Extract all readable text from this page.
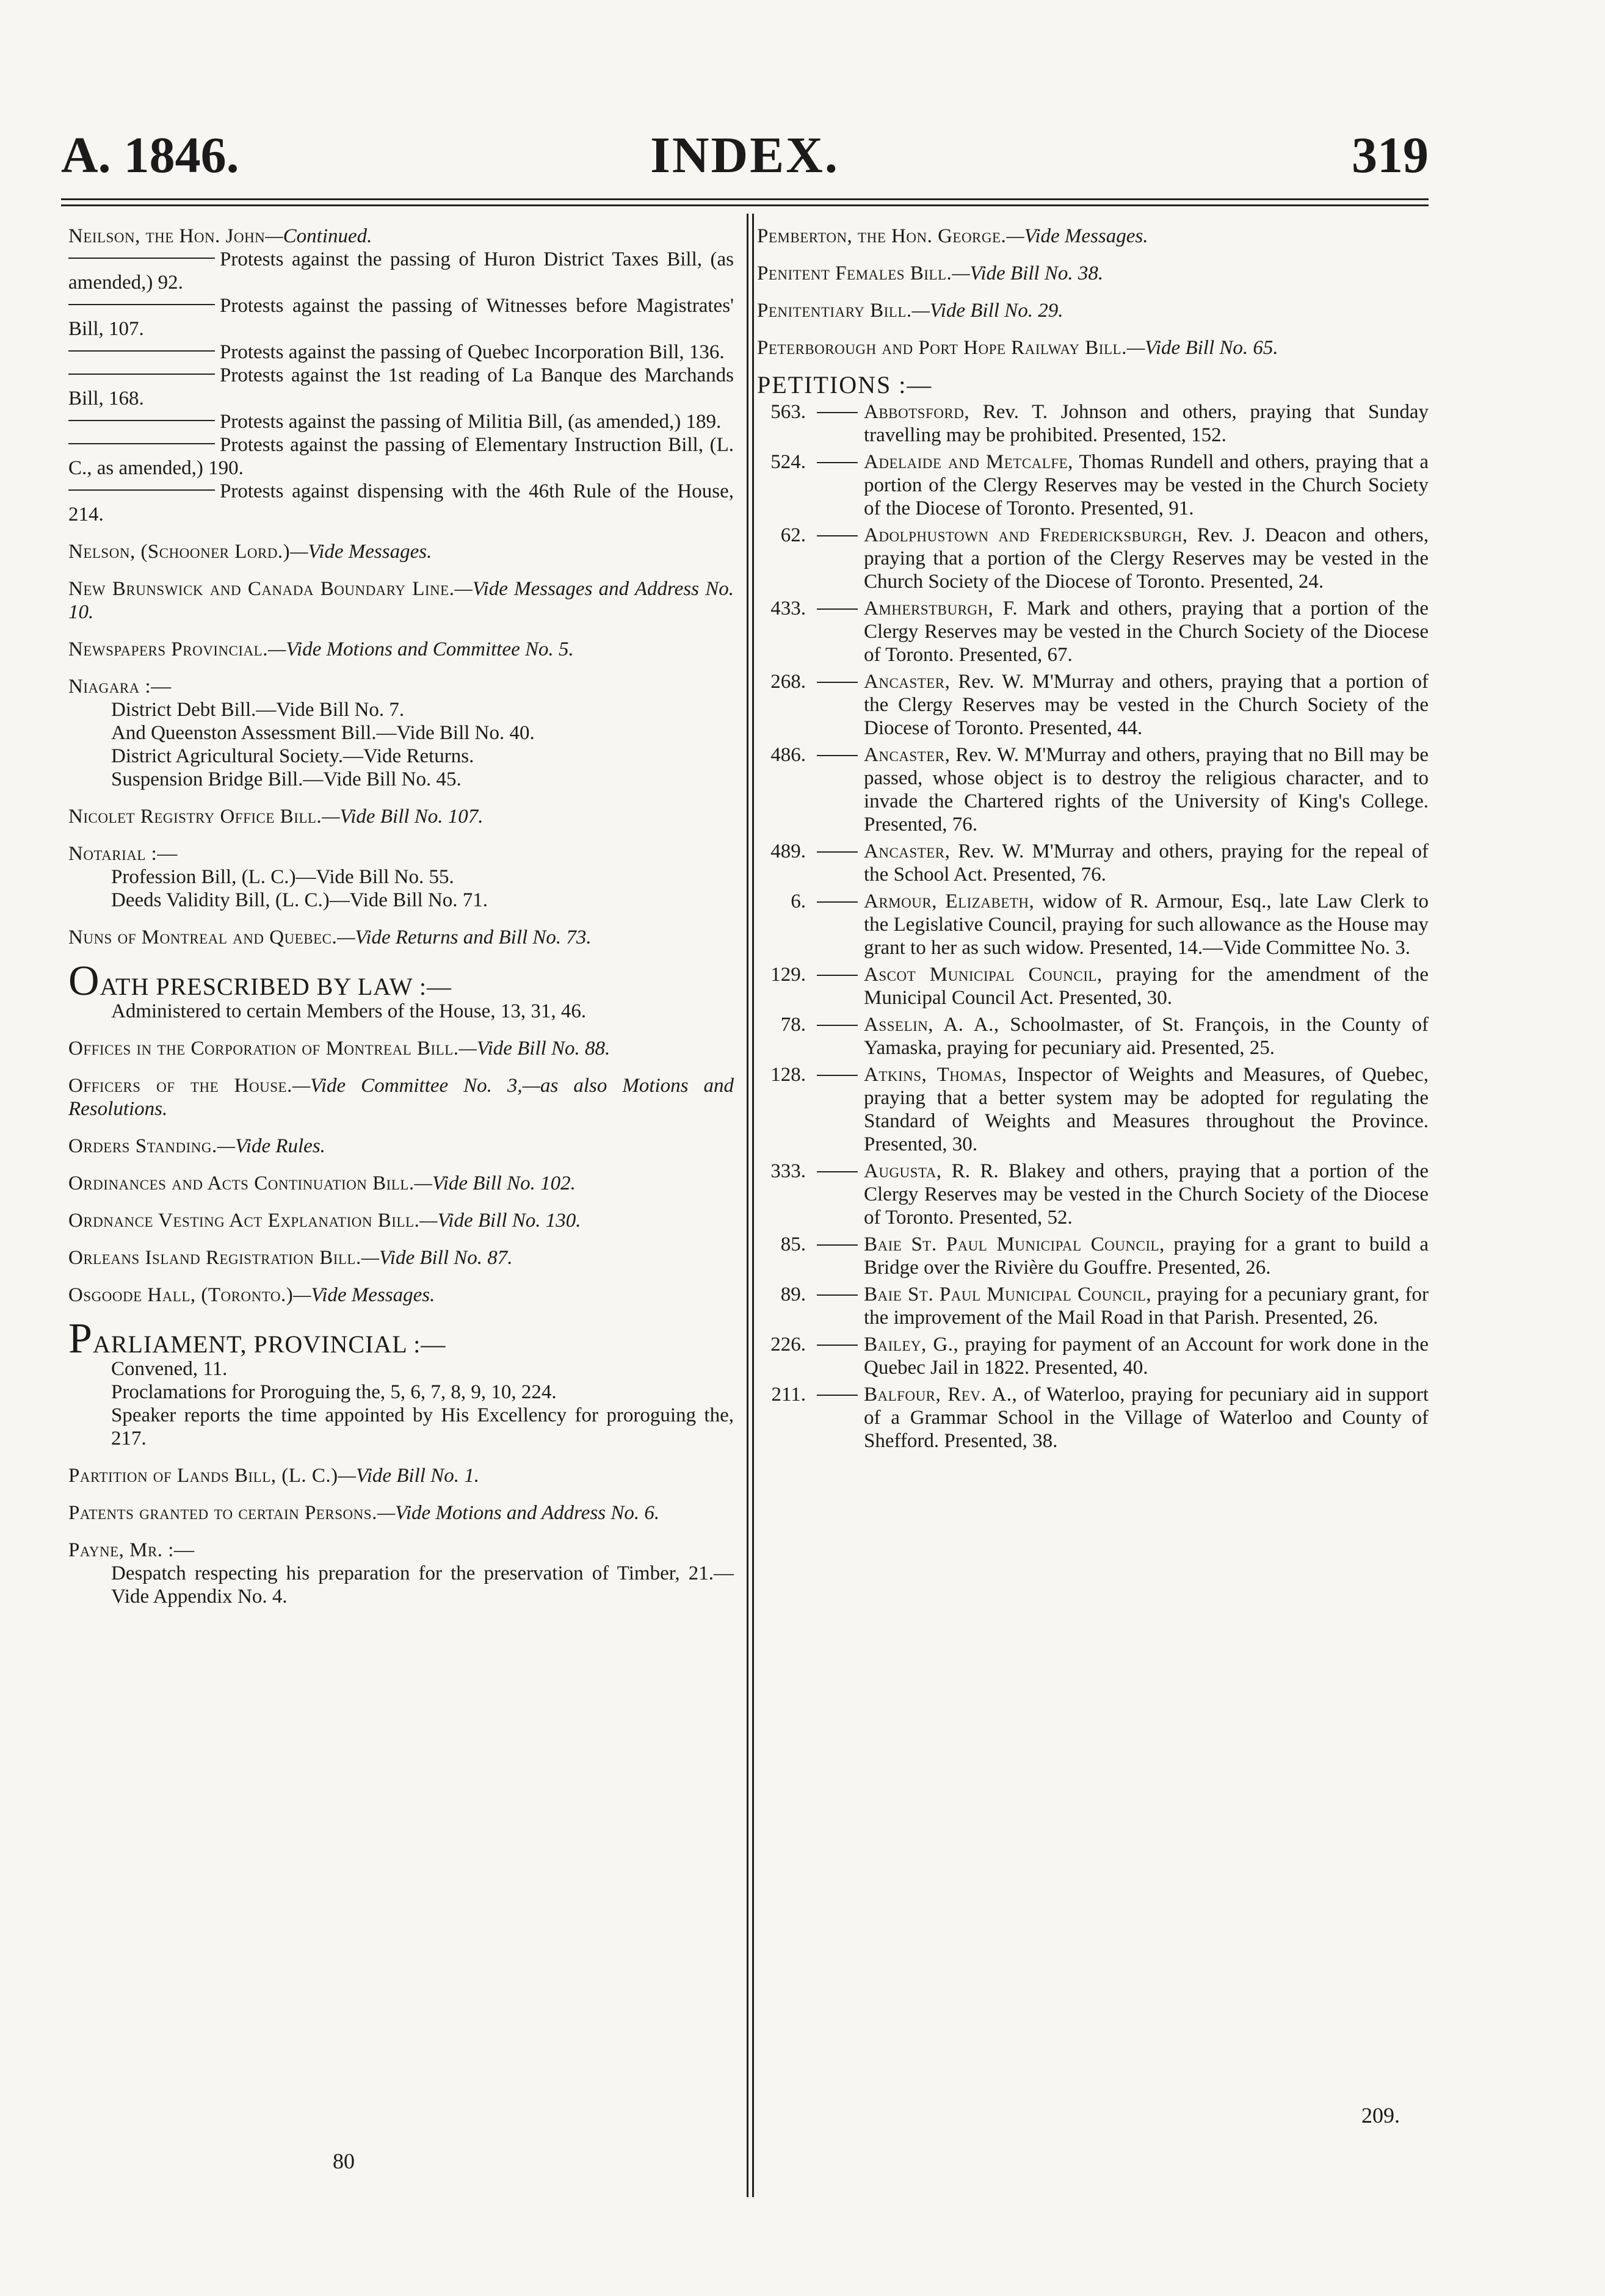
A. 1846.	INDEX.	319
Neilson, the Hon. John—Continued.
Protests against the passing of Huron District Taxes Bill, (as amended,) 92.
Protests against the passing of Witnesses before Magistrates' Bill, 107.
Protests against the passing of Quebec Incorporation Bill, 136.
Protests against the 1st reading of La Banque des Marchands Bill, 168.
Protests against the passing of Militia Bill, (as amended,) 189.
Protests against the passing of Elementary Instruction Bill, (L. C., as amended,) 190.
Protests against dispensing with the 46th Rule of the House, 214.
Nelson, (Schooner Lord.)—Vide Messages.
New Brunswick and Canada Boundary Line.—Vide Messages and Address No. 10.
Newspapers Provincial.—Vide Motions and Committee No. 5.
Niagara :—
District Debt Bill.—Vide Bill No. 7.
And Queenston Assessment Bill.—Vide Bill No. 40.
District Agricultural Society.—Vide Returns.
Suspension Bridge Bill.—Vide Bill No. 45.
Nicolet Registry Office Bill.—Vide Bill No. 107.
Notarial :—
Profession Bill, (L. C.)—Vide Bill No. 55.
Deeds Validity Bill, (L. C.)—Vide Bill No. 71.
Nuns of Montreal and Quebec.—Vide Returns and Bill No. 73.
OATH PRESCRIBED BY LAW :—
Administered to certain Members of the House, 13, 31, 46.
Offices in the Corporation of Montreal Bill.—Vide Bill No. 88.
Officers of the House.—Vide Committee No. 3,—as also Motions and Resolutions.
Orders Standing.—Vide Rules.
Ordinances and Acts Continuation Bill.—Vide Bill No. 102.
Ordnance Vesting Act Explanation Bill.—Vide Bill No. 130.
Orleans Island Registration Bill.—Vide Bill No. 87.
Osgoode Hall, (Toronto.)—Vide Messages.
PARLIAMENT, PROVINCIAL :—
Convened, 11.
Proclamations for Proroguing the, 5, 6, 7, 8, 9, 10, 224.
Speaker reports the time appointed by His Excellency for proroguing the, 217.
Partition of Lands Bill, (L. C.)—Vide Bill No. 1.
Patents granted to certain Persons.—Vide Motions and Address No. 6.
Payne, Mr. :—
Despatch respecting his preparation for the preservation of Timber, 21.—Vide Appendix No. 4.
Pemberton, the Hon. George.—Vide Messages.
Penitent Females Bill.—Vide Bill No. 38.
Penitentiary Bill.—Vide Bill No. 29.
Peterborough and Port Hope Railway Bill.—Vide Bill No. 65.
PETITIONS :—
563.	Abbotsford, Rev. T. Johnson and others, praying that Sunday travelling may be prohibited. Presented, 152.
524.	Adelaide and Metcalfe, Thomas Rundell and others, praying that a portion of the Clergy Reserves may be vested in the Church Society of the Diocese of Toronto. Presented, 91.
62.	Adolphustown and Fredericksburgh, Rev. J. Deacon and others, praying that a portion of the Clergy Reserves may be vested in the Church Society of the Diocese of Toronto. Presented, 24.
433.	Amherstburgh, F. Mark and others, praying that a portion of the Clergy Reserves may be vested in the Church Society of the Diocese of Toronto. Presented, 67.
268.	Ancaster, Rev. W. M'Murray and others, praying that a portion of the Clergy Reserves may be vested in the Church Society of the Diocese of Toronto. Presented, 44.
486.	Ancaster, Rev. W. M'Murray and others, praying that no Bill may be passed, whose object is to destroy the religious character, and to invade the Chartered rights of the University of King's College. Presented, 76.
489.	Ancaster, Rev. W. M'Murray and others, praying for the repeal of the School Act. Presented, 76.
6.	Armour, Elizabeth, widow of R. Armour, Esq., late Law Clerk to the Legislative Council, praying for such allowance as the House may grant to her as such widow. Presented, 14.—Vide Committee No. 3.
129.	Ascot Municipal Council, praying for the amendment of the Municipal Council Act. Presented, 30.
78.	Asselin, A. A., Schoolmaster, of St. François, in the County of Yamaska, praying for pecuniary aid. Presented, 25.
128.	Atkins, Thomas, Inspector of Weights and Measures, of Quebec, praying that a better system may be adopted for regulating the Standard of Weights and Measures throughout the Province. Presented, 30.
333.	Augusta, R. R. Blakey and others, praying that a portion of the Clergy Reserves may be vested in the Church Society of the Diocese of Toronto. Presented, 52.
85.	Baie St. Paul Municipal Council, praying for a grant to build a Bridge over the Rivière du Gouffre. Presented, 26.
89.	Baie St. Paul Municipal Council, praying for a pecuniary grant, for the improvement of the Mail Road in that Parish. Presented, 26.
226.	Bailey, G., praying for payment of an Account for work done in the Quebec Jail in 1822. Presented, 40.
211.	Balfour, Rev. A., of Waterloo, praying for pecuniary aid in support of a Grammar School in the Village of Waterloo and County of Shefford. Presented, 38.
80
209.
